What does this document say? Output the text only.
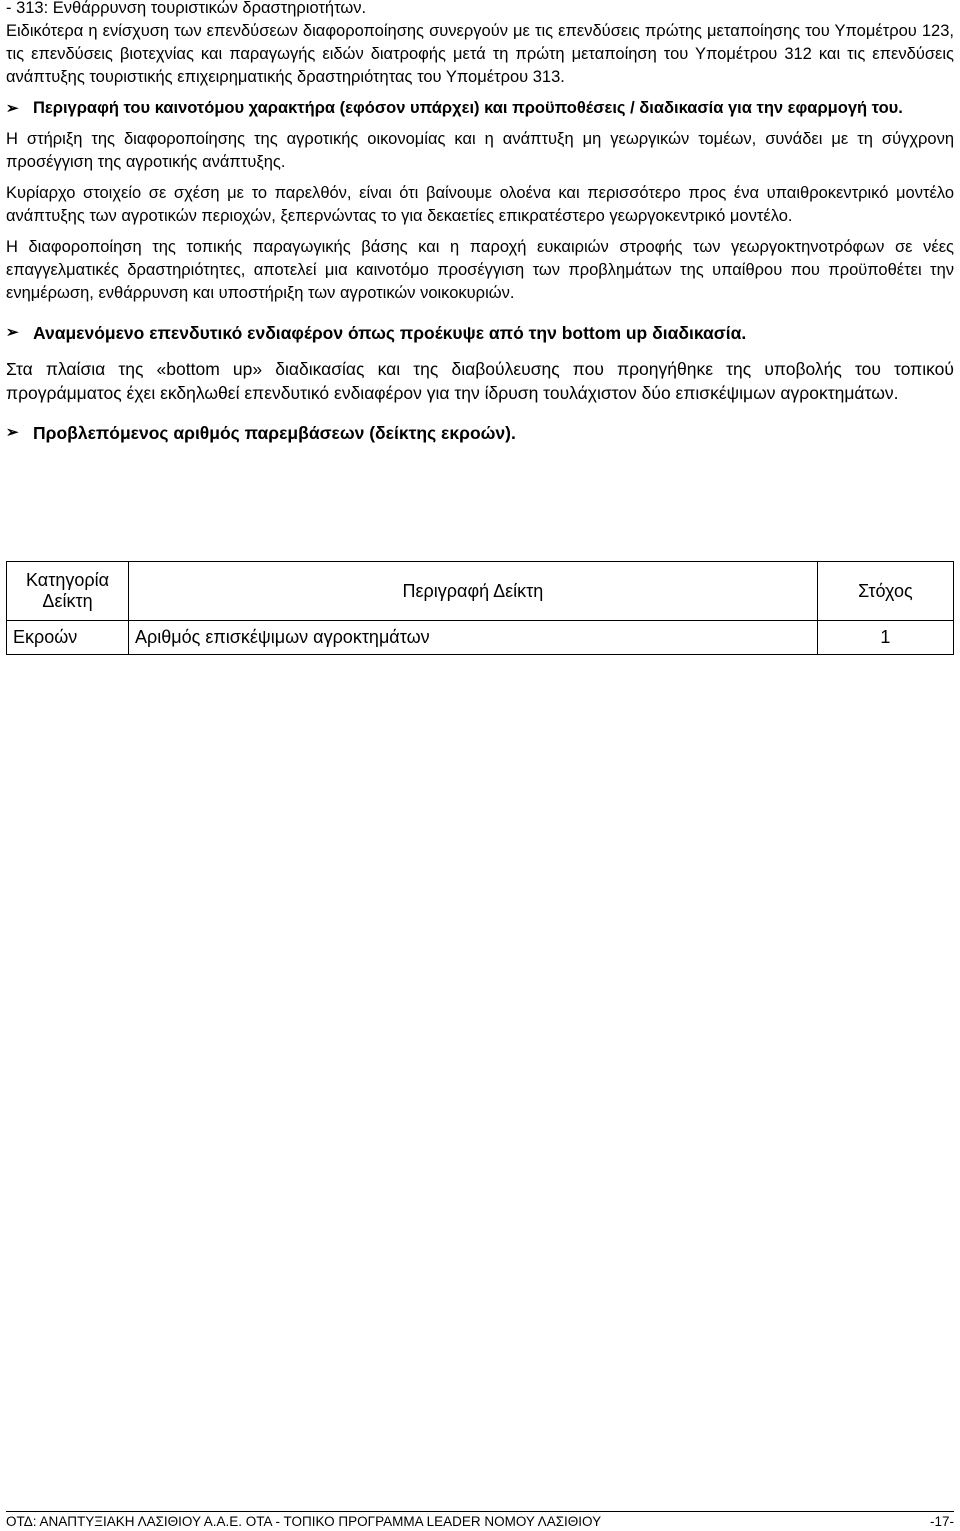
- 313: Ενθάρρυνση τουριστικών δραστηριοτήτων.

Ειδικότερα η ενίσχυση των επενδύσεων διαφοροποίησης συνεργούν με τις επενδύσεις πρώτης μεταποίησης του Υπομέτρου 123, τις επενδύσεις βιοτεχνίας και παραγωγής ειδών διατροφής μετά τη πρώτη μεταποίηση του Υπομέτρου 312 και τις επενδύσεις ανάπτυξης τουριστικής επιχειρηματικής δραστηριότητας του Υπομέτρου 313.

➢ Περιγραφή του καινοτόμου χαρακτήρα (εφόσον υπάρχει) και προϋποθέσεις / διαδικασία για την εφαρμογή του.

Η στήριξη της διαφοροποίησης της αγροτικής οικονομίας και η ανάπτυξη μη γεωργικών τομέων, συνάδει με τη σύγχρονη προσέγγιση της αγροτικής ανάπτυξης.

Κυρίαρχο στοιχείο σε σχέση με το παρελθόν, είναι ότι βαίνουμε ολοένα και περισσότερο προς ένα υπαιθροκεντρικό μοντέλο ανάπτυξης των αγροτικών περιοχών, ξεπερνώντας το για δεκαετίες επικρατέστερο γεωργοκεντρικό μοντέλο.

Η διαφοροποίηση της τοπικής παραγωγικής βάσης και η παροχή ευκαιριών στροφής των γεωργοκτηνοτρόφων σε νέες επαγγελματικές δραστηριότητες, αποτελεί μια καινοτόμο προσέγγιση των προβλημάτων της υπαίθρου που προϋποθέτει την ενημέρωση, ενθάρρυνση και υποστήριξη των αγροτικών νοικοκυριών.

➢ Αναμενόμενο επενδυτικό ενδιαφέρον όπως προέκυψε από την bottom up διαδικασία.

Στα πλαίσια της «bottom up» διαδικασίας και της διαβούλευσης που προηγήθηκε της υποβολής του τοπικού προγράμματος έχει εκδηλωθεί επενδυτικό ενδιαφέρον για την ίδρυση τουλάχιστον δύο επισκέψιμων αγροκτημάτων.

➢ Προβλεπόμενος αριθμός παρεμβάσεων (δείκτης εκροών).
Κατηγορία Δείκτη	Περιγραφή Δείκτη	Στόχος
Εκροών	Αριθμός επισκέψιμων αγροκτημάτων	1
ΟΤΔ: ΑΝΑΠΤΥΞΙΑΚΗ ΛΑΣΙΘΙΟΥ Α.Α.Ε. ΟΤΑ - ΤΟΠΙΚΟ ΠΡΟΓΡΑΜΜΑ LEADER ΝΟΜΟΥ ΛΑΣΙΘΙΟΥ	-17-
